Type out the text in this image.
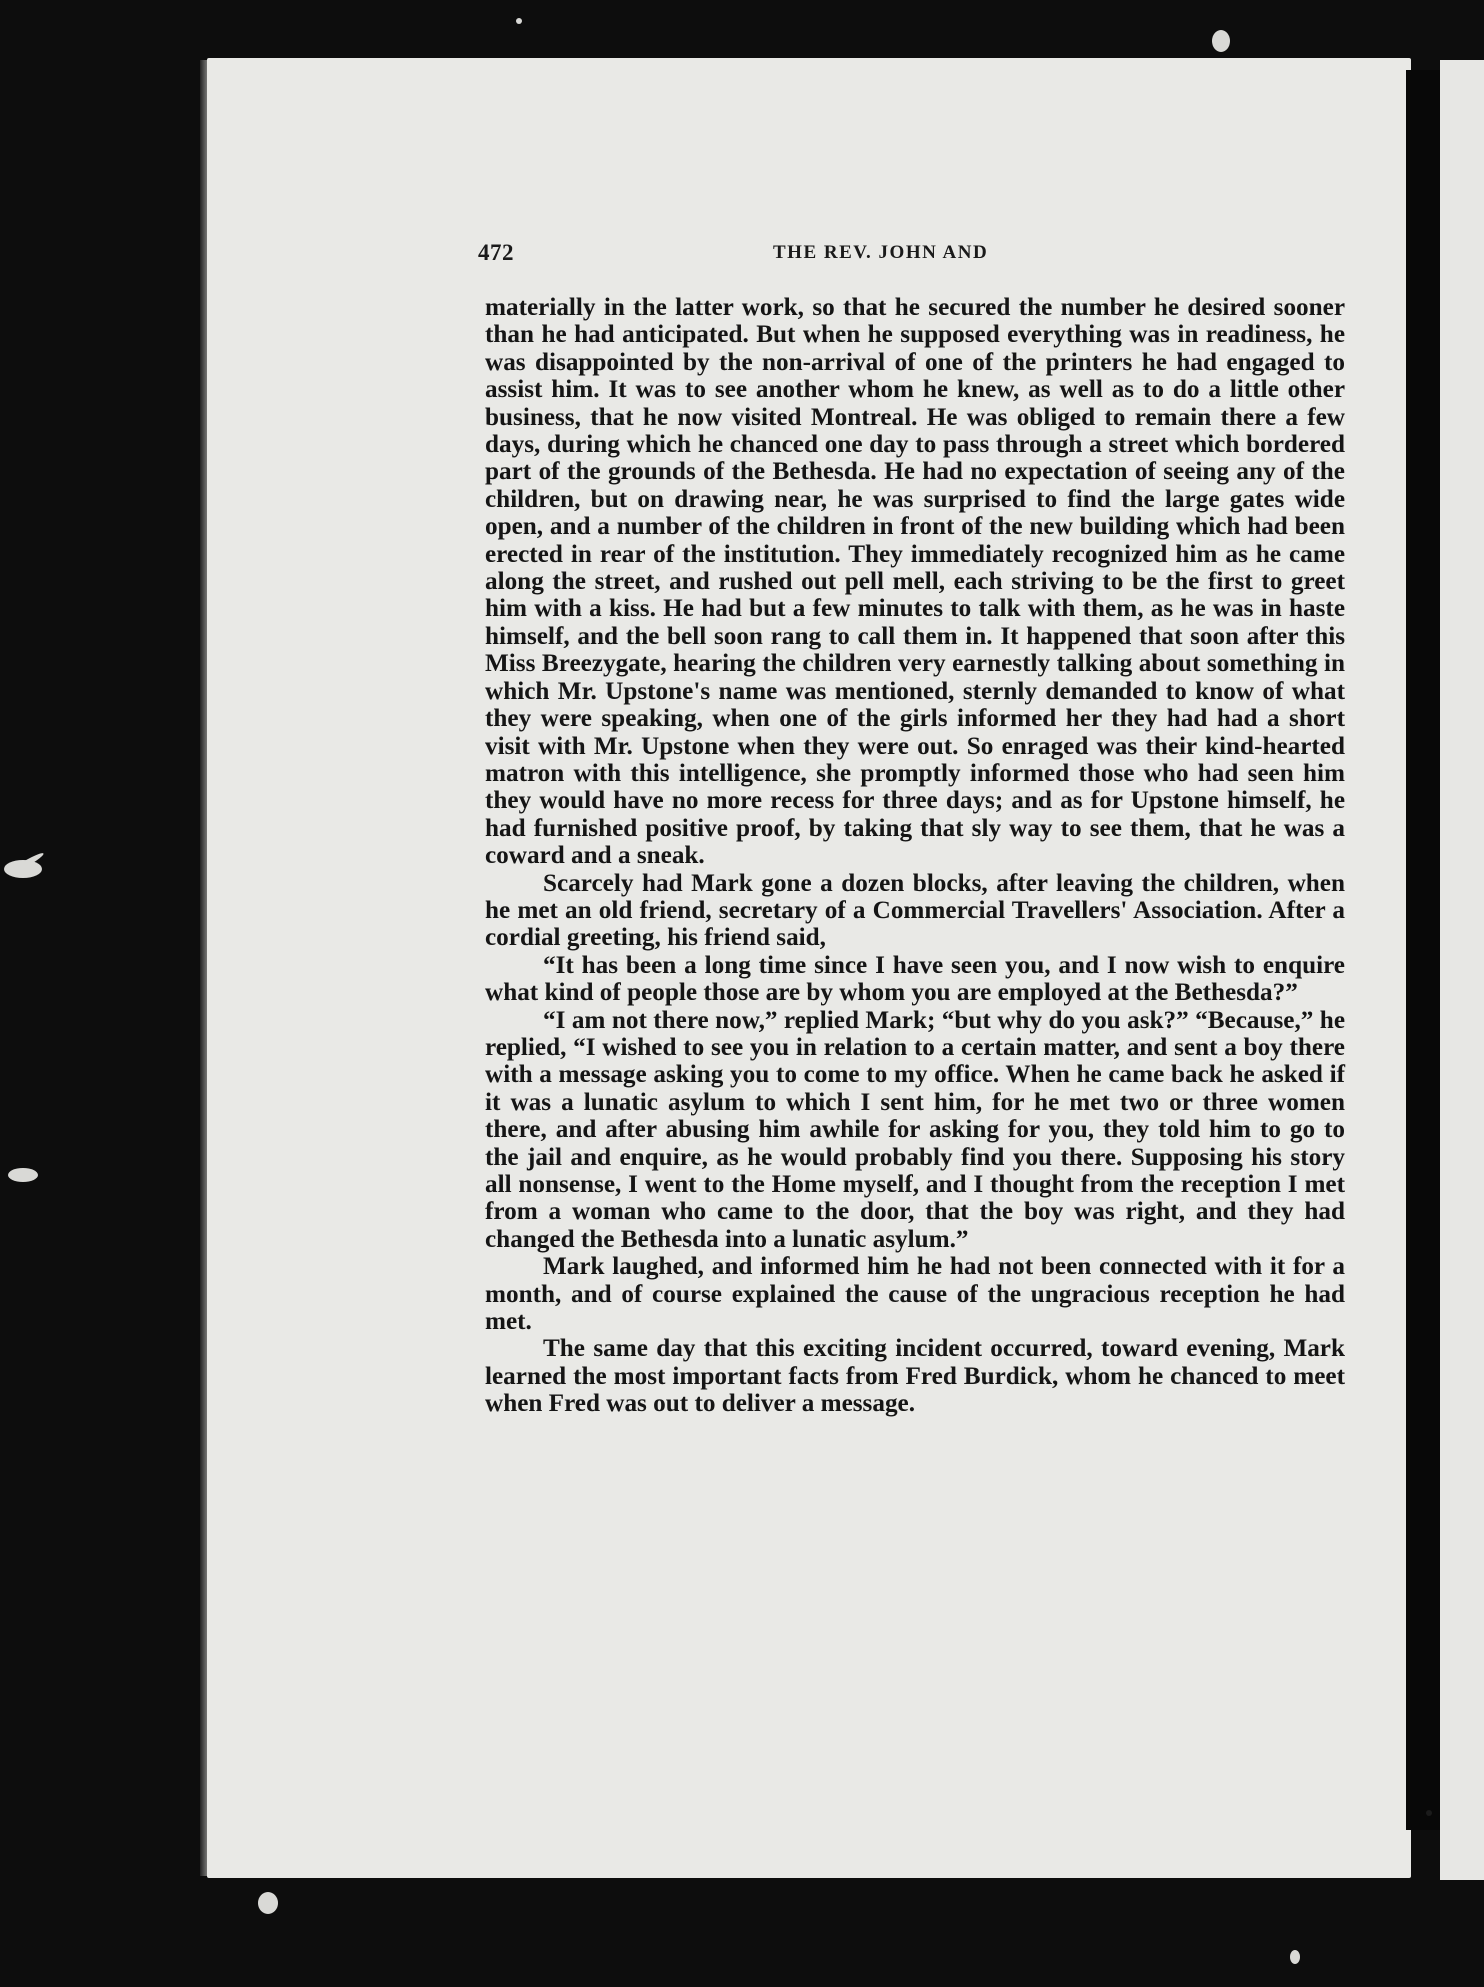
472	THE REV. JOHN AND

materially in the latter work, so that he secured the number he desired sooner than he had anticipated. But when he supposed everything was in readiness, he was disappointed by the non-arrival of one of the printers he had engaged to assist him. It was to see another whom he knew, as well as to do a little other business, that he now visited Montreal. He was obliged to remain there a few days, during which he chanced one day to pass through a street which bordered part of the grounds of the Bethesda. He had no expectation of seeing any of the children, but on drawing near, he was surprised to find the large gates wide open, and a number of the children in front of the new building which had been erected in rear of the institution. They immediately recognized him as he came along the street, and rushed out pell mell, each striving to be the first to greet him with a kiss. He had but a few minutes to talk with them, as he was in haste himself, and the bell soon rang to call them in. It happened that soon after this Miss Breezygate, hearing the children very earnestly talking about something in which Mr. Upstone's name was mentioned, sternly demanded to know of what they were speaking, when one of the girls informed her they had had a short visit with Mr. Upstone when they were out. So enraged was their kind-hearted matron with this intelligence, she promptly informed those who had seen him they would have no more recess for three days; and as for Upstone himself, he had furnished positive proof, by taking that sly way to see them, that he was a coward and a sneak.

Scarcely had Mark gone a dozen blocks, after leaving the children, when he met an old friend, secretary of a Commercial Travellers' Association. After a cordial greeting, his friend said,

“It has been a long time since I have seen you, and I now wish to enquire what kind of people those are by whom you are employed at the Bethesda?”

“I am not there now,” replied Mark; “but why do you ask?” “Because,” he replied, “I wished to see you in relation to a certain matter, and sent a boy there with a message asking you to come to my office. When he came back he asked if it was a lunatic asylum to which I sent him, for he met two or three women there, and after abusing him awhile for asking for you, they told him to go to the jail and enquire, as he would probably find you there. Supposing his story all nonsense, I went to the Home myself, and I thought from the reception I met from a woman who came to the door, that the boy was right, and they had changed the Bethesda into a lunatic asylum.”

Mark laughed, and informed him he had not been connected with it for a month, and of course explained the cause of the ungracious reception he had met.

The same day that this exciting incident occurred, toward evening, Mark learned the most important facts from Fred Burdick, whom he chanced to meet when Fred was out to deliver a message.
